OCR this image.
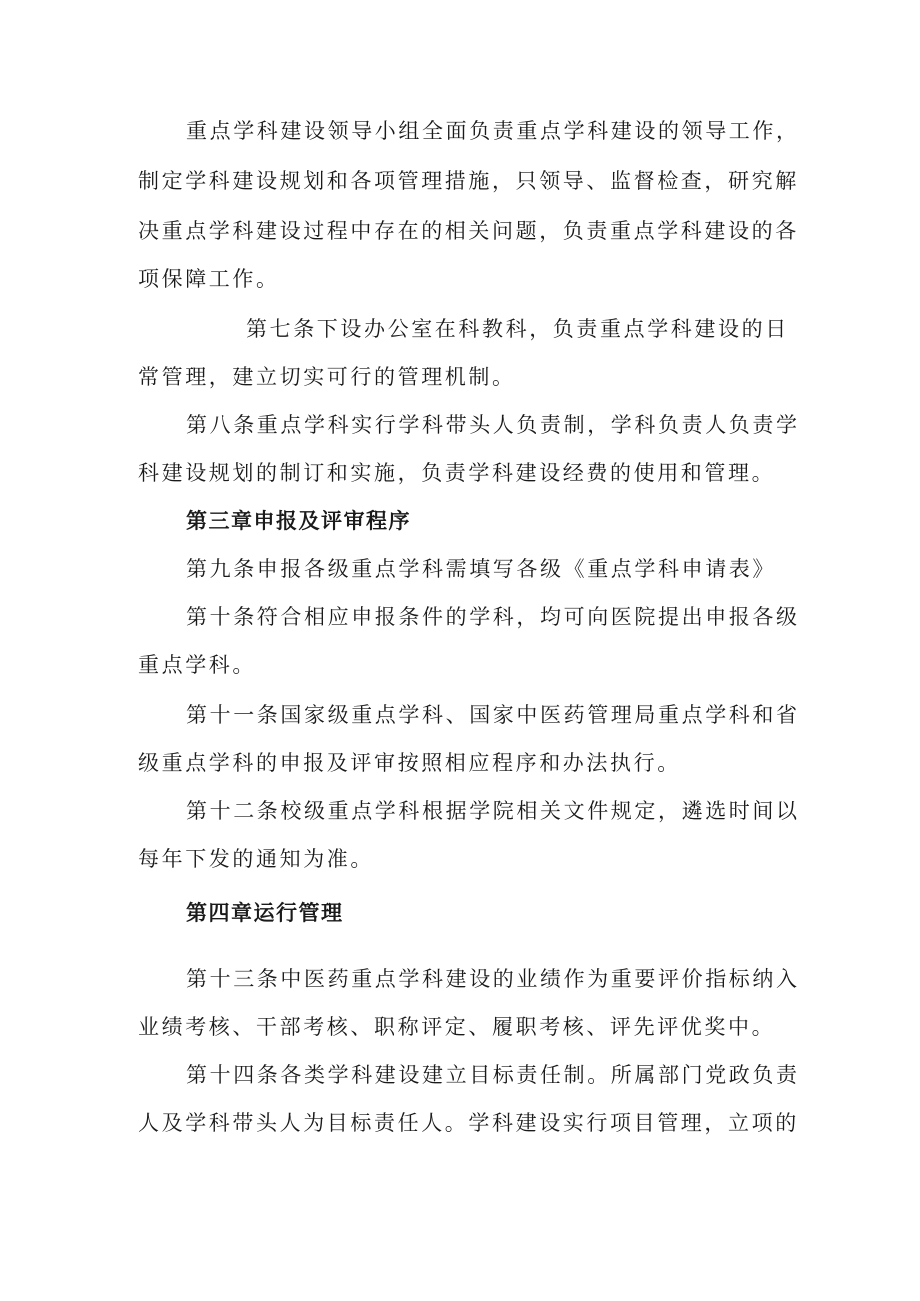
重点学科建设领导小组全面负责重点学科建设的领导工作，
制定学科建设规划和各项管理措施，只领导、监督检查，研究解
决重点学科建设过程中存在的相关问题，负责重点学科建设的各
项保障工作。
第七条下设办公室在科教科，负责重点学科建设的日
常管理，建立切实可行的管理机制。
第八条重点学科实行学科带头人负责制，学科负责人负责学
科建设规划的制订和实施，负责学科建设经费的使用和管理。
第三章申报及评审程序
第九条申报各级重点学科需填写各级《重点学科申请表》
第十条符合相应申报条件的学科，均可向医院提出申报各级
重点学科。
第十一条国家级重点学科、国家中医药管理局重点学科和省
级重点学科的申报及评审按照相应程序和办法执行。
第十二条校级重点学科根据学院相关文件规定，遴选时间以
每年下发的通知为准。
第四章运行管理
第十三条中医药重点学科建设的业绩作为重要评价指标纳入
业绩考核、干部考核、职称评定、履职考核、评先评优奖中。
第十四条各类学科建设建立目标责任制。所属部门党政负责
人及学科带头人为目标责任人。学科建设实行项目管理，立项的
